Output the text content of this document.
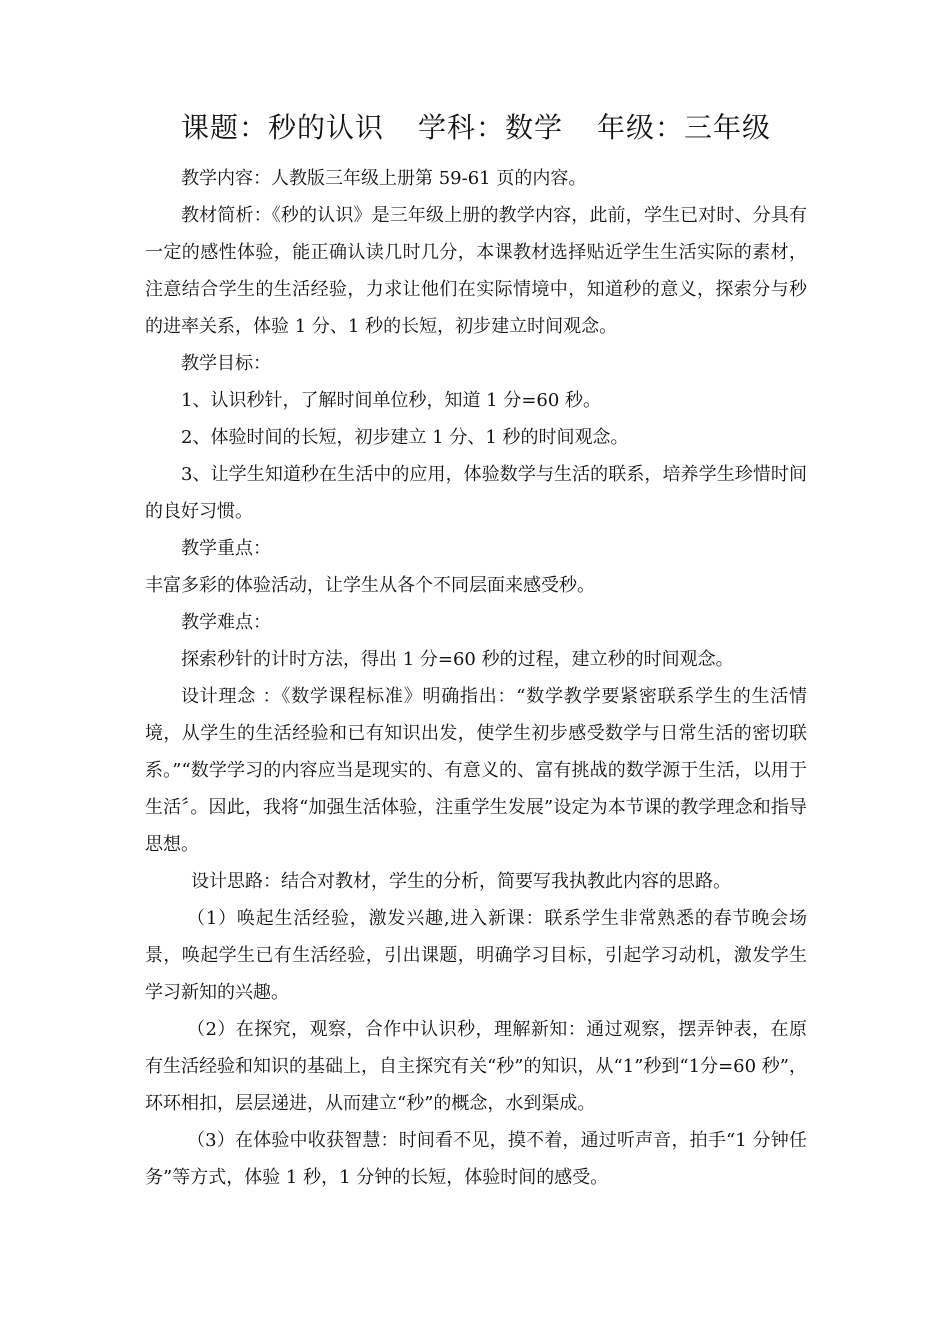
课题：秒的认识 学科：数学 年级：三年级

教学内容：人教版三年级上册第 59-61 页的内容。

教材简析：《秒的认识》是三年级上册的教学内容，此前，学生已对时、分具有一定的感性体验，能正确认读几时几分，本课教材选择贴近学生生活实际的素材，注意结合学生的生活经验，力求让他们在实际情境中，知道秒的意义，探索分与秒的进率关系，体验 1 分、1 秒的长短，初步建立时间观念。

教学目标：

1、认识秒针，了解时间单位秒，知道 1 分=60 秒。

2、体验时间的长短，初步建立 1 分、1 秒的时间观念。

3、让学生知道秒在生活中的应用，体验数学与生活的联系，培养学生珍惜时间的良好习惯。

教学重点：

丰富多彩的体验活动，让学生从各个不同层面来感受秒。

教学难点：

探索秒针的计时方法，得出 1 分=60 秒的过程，建立秒的时间观念。

设计理念 ：《数学课程标准》明确指出：“数学教学要紧密联系学生的生活情境，从学生的生活经验和已有知识出发，使学生初步感受数学与日常生活的密切联系。”“数学学习的内容应当是现实的、有意义的、富有挑战的数学源于生活，以用于生活〞。因此，我将“加强生活体验，注重学生发展”设定为本节课的教学理念和指导思想。

设计思路：结合对教材，学生的分析，简要写我执教此内容的思路。

（1）唤起生活经验，激发兴趣,进入新课：联系学生非常熟悉的春节晚会场景，唤起学生已有生活经验，引出课题，明确学习目标，引起学习动机，激发学生学习新知的兴趣。

（2）在探究，观察，合作中认识秒，理解新知：通过观察，摆弄钟表，在原有生活经验和知识的基础上，自主探究有关“秒”的知识，从“1”秒到“1分=60 秒”，环环相扣，层层递进，从而建立“秒”的概念，水到渠成。

（3）在体验中收获智慧：时间看不见，摸不着，通过听声音，拍手“1 分钟任务”等方式，体验 1 秒，1 分钟的长短，体验时间的感受。
